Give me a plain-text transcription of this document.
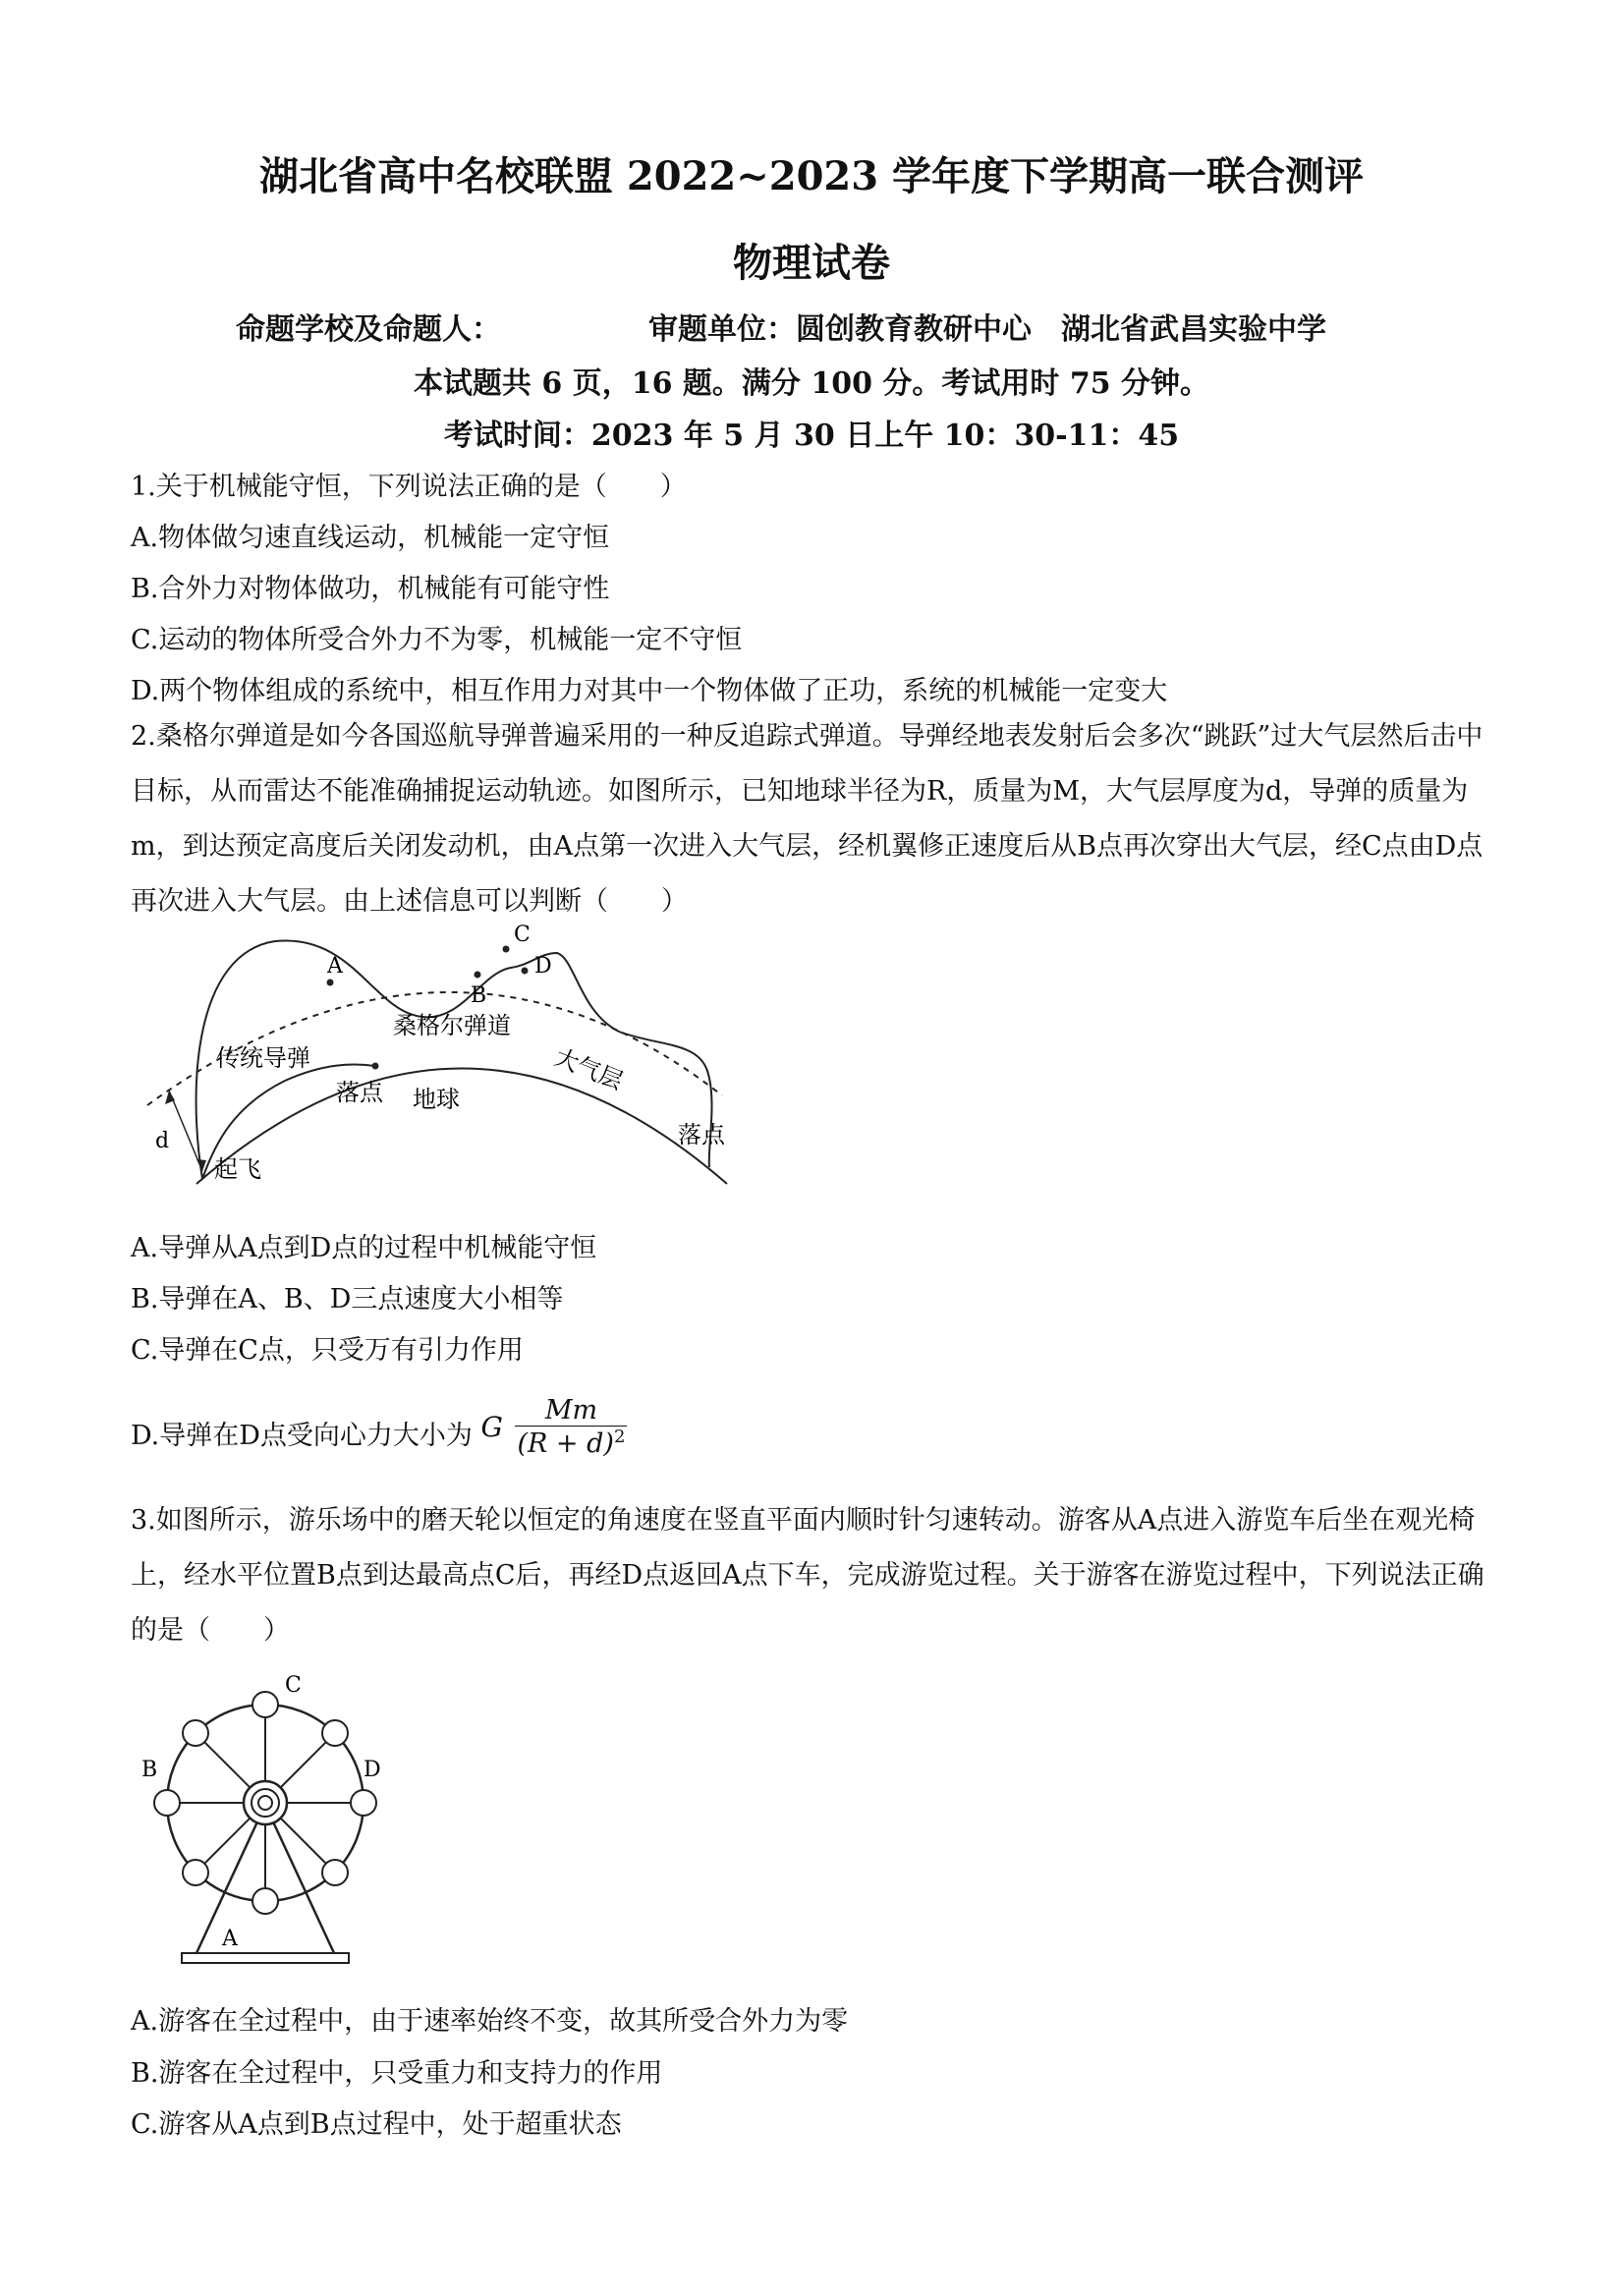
湖北省高中名校联盟 2022~2023 学年度下学期高一联合测评
物理试卷
命题学校及命题人：	审题单位：圆创教育教研中心　湖北省武昌实验中学
本试题共 6 页，16 题。满分 100 分。考试用时 75 分钟。
考试时间：2023 年 5 月 30 日上午 10：30-11：45
1.关于机械能守恒，下列说法正确的是（　　）
A.物体做匀速直线运动，机械能一定守恒
B.合外力对物体做功，机械能有可能守性
C.运动的物体所受合外力不为零，机械能一定不守恒
D.两个物体组成的系统中，相互作用力对其中一个物体做了正功，系统的机械能一定变大
2.桑格尔弹道是如今各国巡航导弹普遍采用的一种反追踪式弹道。导弹经地表发射后会多次“跳跃”过大气层然后击中目标，从而雷达不能准确捕捉运动轨迹。如图所示，已知地球半径为R，质量为M，大气层厚度为d，导弹的质量为m，到达预定高度后关闭发动机，由A点第一次进入大气层，经机翼修正速度后从B点再次穿出大气层，经C点由D点再次进入大气层。由上述信息可以判断（　　）
A
B
C
D
桑格尔弹道
传统导弹
落点 地球
大气层
落点
d
起飞
A.导弹从A点到D点的过程中机械能守恒
B.导弹在A、B、D三点速度大小相等
C.导弹在C点，只受万有引力作用
D.导弹在D点受向心力大小为 G $\frac{Mm}{(R + d)^2}$
3.如图所示，游乐场中的磨天轮以恒定的角速度在竖直平面内顺时针匀速转动。游客从A点进入游览车后坐在观光椅上，经水平位置B点到达最高点C后，再经D点返回A点下车，完成游览过程。关于游客在游览过程中，下列说法正确的是（　　）
C
B	D
A
A.游客在全过程中，由于速率始终不变，故其所受合外力为零
B.游客在全过程中，只受重力和支持力的作用
C.游客从A点到B点过程中，处于超重状态
